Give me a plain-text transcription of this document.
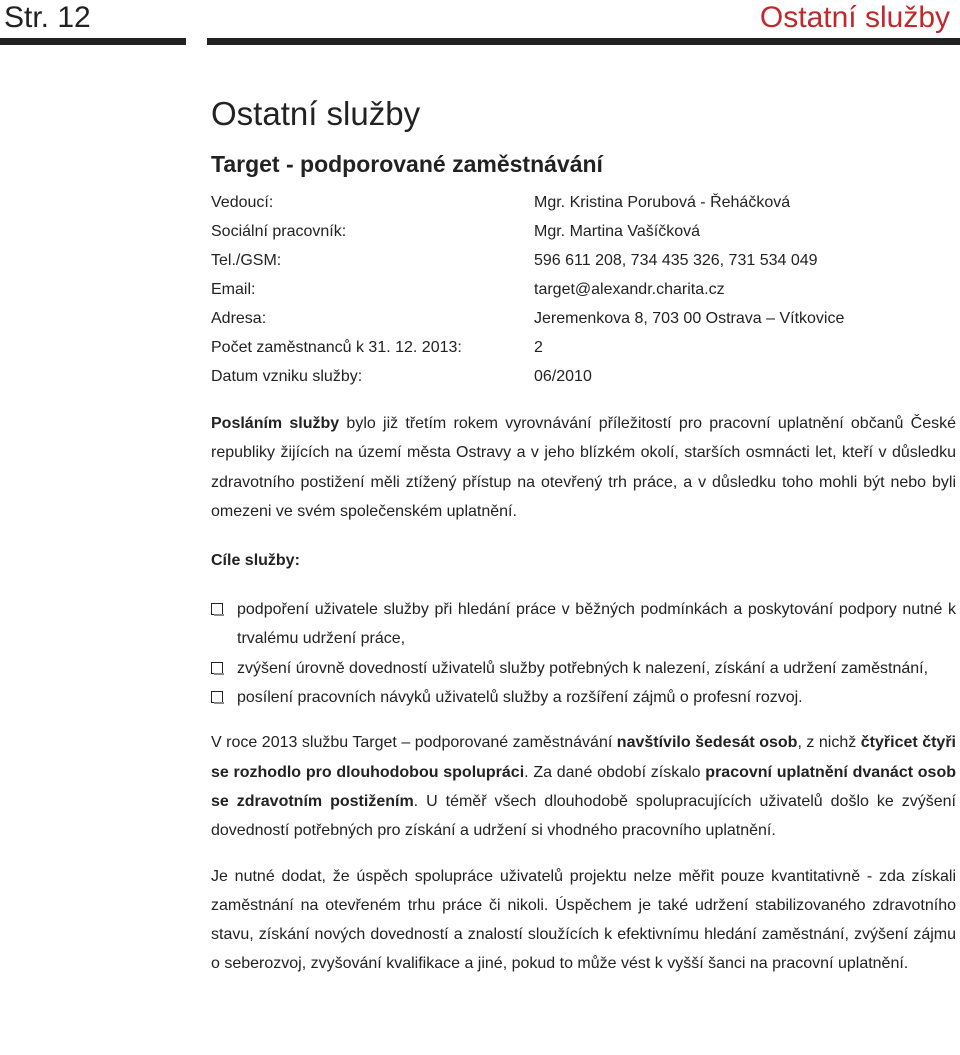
Str. 12	Ostatní služby
Ostatní služby
Target - podporované zaměstnávání
Vedoucí:	Mgr. Kristina Porubová - Řeháčková
Sociální pracovník:	Mgr. Martina Vašíčková
Tel./GSM:	596 611 208, 734 435 326, 731 534 049
Email:	target@alexandr.charita.cz
Adresa:	Jeremenkova 8, 703 00 Ostrava – Vítkovice
Počet zaměstnanců k 31. 12. 2013:	2
Datum vzniku služby:	06/2010

Posláním služby bylo již třetím rokem vyrovnávání příležitostí pro pracovní uplatnění občanů České republiky žijících na území města Ostravy a v jeho blízkém okolí, starších osmnácti let, kteří v důsledku zdravotního postižení měli ztížený přístup na otevřený trh práce, a v důsledku toho mohli být nebo byli omezeni ve svém společenském uplatnění.

Cíle služby:
podpoření uživatele služby při hledání práce v běžných podmínkách a poskytování podpory nutné k trvalému udržení práce,
zvýšení úrovně dovedností uživatelů služby potřebných k nalezení, získání a udržení zaměstnání,
posílení pracovních návyků uživatelů služby a rozšíření zájmů o profesní rozvoj.

V roce 2013 službu Target – podporované zaměstnávání navštívilo šedesát osob, z nichž čtyřicet čtyři se rozhodlo pro dlouhodobou spolupráci. Za dané období získalo pracovní uplatnění dvanáct osob se zdravotním postižením. U téměř všech dlouhodobě spolupracujících uživatelů došlo ke zvýšení dovedností potřebných pro získání a udržení si vhodného pracovního uplatnění.

Je nutné dodat, že úspěch spolupráce uživatelů projektu nelze měřit pouze kvantitativně - zda získali zaměstnání na otevřeném trhu práce či nikoli. Úspěchem je také udržení stabilizovaného zdravotního stavu, získání nových dovedností a znalostí sloužících k efektivnímu hledání zaměstnání, zvýšení zájmu o seberozvoj, zvyšování kvalifikace a jiné, pokud to může vést k vyšší šanci na pracovní uplatnění.
